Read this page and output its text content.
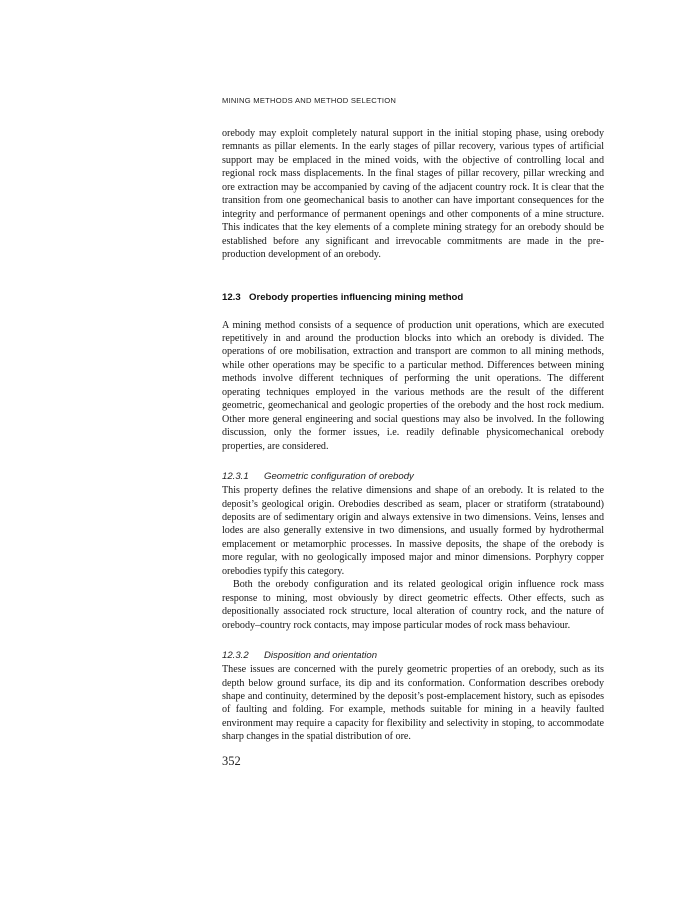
MINING METHODS AND METHOD SELECTION

orebody may exploit completely natural support in the initial stoping phase, using orebody remnants as pillar elements. In the early stages of pillar recovery, various types of artificial support may be emplaced in the mined voids, with the objective of controlling local and regional rock mass displacements. In the final stages of pillar recovery, pillar wrecking and ore extraction may be accompanied by caving of the adjacent country rock. It is clear that the transition from one geomechanical basis to another can have important consequences for the integrity and performance of permanent openings and other components of a mine structure. This indicates that the key elements of a complete mining strategy for an orebody should be established before any significant and irrevocable commitments are made in the pre-production development of an orebody.

12.3 Orebody properties influencing mining method

A mining method consists of a sequence of production unit operations, which are executed repetitively in and around the production blocks into which an orebody is divided. The operations of ore mobilisation, extraction and transport are common to all mining methods, while other operations may be specific to a particular method. Differences between mining methods involve different techniques of performing the unit operations. The different operating techniques employed in the various methods are the result of the different geometric, geomechanical and geologic properties of the orebody and the host rock medium. Other more general engineering and social questions may also be involved. In the following discussion, only the former issues, i.e. readily definable physicomechanical orebody properties, are considered.

12.3.1 Geometric configuration of orebody

This property defines the relative dimensions and shape of an orebody. It is related to the deposit’s geological origin. Orebodies described as seam, placer or stratiform (stratabound) deposits are of sedimentary origin and always extensive in two dimensions. Veins, lenses and lodes are also generally extensive in two dimensions, and usually formed by hydrothermal emplacement or metamorphic processes. In massive deposits, the shape of the orebody is more regular, with no geologically imposed major and minor dimensions. Porphyry copper orebodies typify this category.

Both the orebody configuration and its related geological origin influence rock mass response to mining, most obviously by direct geometric effects. Other effects, such as depositionally associated rock structure, local alteration of country rock, and the nature of orebody–country rock contacts, may impose particular modes of rock mass behaviour.

12.3.2 Disposition and orientation

These issues are concerned with the purely geometric properties of an orebody, such as its depth below ground surface, its dip and its conformation. Conformation describes orebody shape and continuity, determined by the deposit’s post-emplacement history, such as episodes of faulting and folding. For example, methods suitable for mining in a heavily faulted environment may require a capacity for flexibility and selectivity in stoping, to accommodate sharp changes in the spatial distribution of ore.

352
